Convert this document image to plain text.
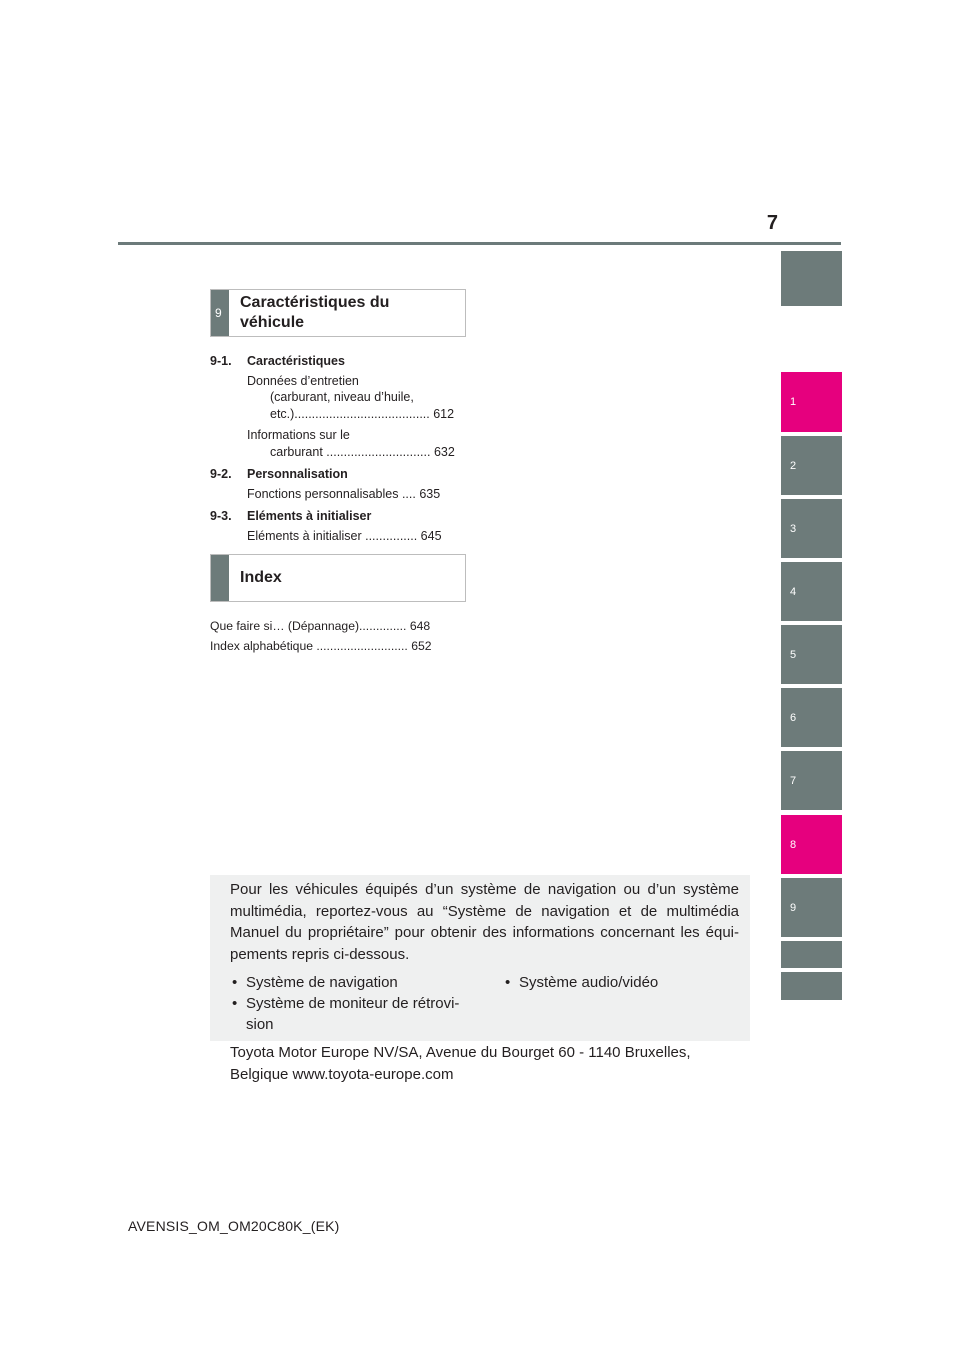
7
1
2
3
4
5
6
7
8
9
9
Caractéristiques du
véhicule
9-1. Caractéristiques
Données d’entretien
(carburant, niveau d’huile,
etc.)....................................... 612
Informations sur le
carburant .............................. 632
9-2. Personnalisation
Fonctions personnalisables .... 635
9-3. Eléments à initialiser
Eléments à initialiser ............... 645
Index
Que faire si… (Dépannage).............. 648
Index alphabétique ........................... 652
Pour les véhicules équipés d’un système de navigation ou d’un système multimédia, reportez-vous au “Système de navigation et de multimédia Manuel du propriétaire” pour obtenir des informations concernant les équi-pements repris ci-dessous.
• Système de navigation
• Système de moniteur de rétrovi-
sion
• Système audio/vidéo
Toyota Motor Europe NV/SA, Avenue du Bourget 60 - 1140 Bruxelles,
Belgique www.toyota-europe.com
AVENSIS_OM_OM20C80K_(EK)
